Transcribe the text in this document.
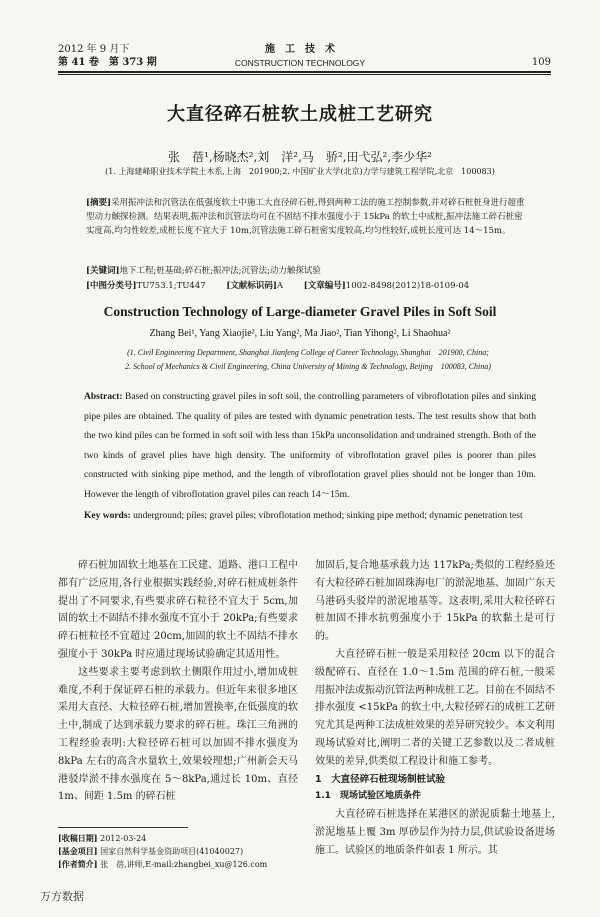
2012 年 9 月下
第 41 卷　第 373 期
施　工　技　术
CONSTRUCTION TECHNOLOGY	109
大直径碎石桩软土成桩工艺研究
张　蓓¹,杨晓杰²,刘　洋²,马　骄²,田弋弘²,李少华²
(1. 上海建峰职业技术学院土木系,上海　201900;2. 中国矿业大学(北京)力学与建筑工程学院,北京　100083)
[摘要]采用振冲法和沉管法在低强度软土中施工大直径碎石桩,得到两种工法的施工控制参数,并对碎石桩桩身进行超重型动力触探检测。结果表明,振冲法和沉管法均可在不固结不排水强度小于 15kPa 的软土中成桩,振冲法施工碎石桩密实度高,均匀性较差,成桩长度不宜大于 10m,沉管法施工碎石桩密实度较高,均匀性较好,成桩长度可达 14～15m。
[关键词]地下工程;桩基础;碎石桩;振冲法;沉管法;动力触探试验
[中图分类号]TU753.1;TU447 [文献标识码]A [文章编号]1002-8498(2012)18-0109-04
Construction Technology of Large-diameter Gravel Piles in Soft Soil
Zhang Bei¹, Yang Xiaojie², Liu Yang², Ma Jiao², Tian Yihong², Li Shaohua²
(1. Civil Engineering Department, Shanghai Jianfeng College of Career Technology, Shanghai　201900, China;
2. School of Mechanics & Civil Engineering, China University of Mining & Technology, Beijing　100083, China)
Abstract: Based on constructing gravel piles in soft soil, the controlling parameters of vibroflotation piles and sinking pipe piles are obtained. The quality of piles are tested with dynamic penetration tests. The test results show that both the two kind piles can be formed in soft soil with less than 15kPa unconsolidation and undrained strength. Both of the two kinds of gravel plies have high density. The uniformity of vibroflotation gravel piles is poorer than piles constructed with sinking pipe method, and the length of vibroflotation gravel plies should not be longer than 10m. However the length of vibroflotation gravel piles can reach 14～15m.
Key words: underground; piles; gravel piles; vibroflotation method; sinking pipe method; dynamic penetration test

碎石桩加固软土地基在工民建、道路、港口工程中都有广泛应用,各行业根据实践经验,对碎石桩成桩条件提出了不同要求,有些要求碎石粒径不宜大于 5cm,加固的软土不固结不排水强度不宜小于 20kPa;有些要求碎石桩粒径不宜超过 20cm,加固的软土不固结不排水强度小于 30kPa 时应通过现场试验确定其适用性。

这些要求主要考虑到软土侧限作用过小,增加成桩难度,不利于保证碎石桩的承载力。但近年来很多地区采用大直径、大粒径碎石桩,增加置换率,在低强度的软土中,制成了达到承载力要求的碎石桩。珠江三角洲的工程经验表明:大粒径碎石桩可以加固不排水强度为 8kPa 左右的高含水量软土,效果较理想;广州新会天马港驳岸淤不排水强度在 5～8kPa,通过长 10m、直径 1m、间距 1.5m 的碎石桩

[收稿日期] 2012-03-24
[基金项目] 国家自然科学基金资助项目(41040027)
[作者简介] 张　蓓,讲师,E-mail:zhangbei_xu@126.com

加固后,复合地基承载力达 117kPa;类似的工程经验还有大粒径碎石桩加固珠海电厂的淤泥地基、加固广东天马港码头驳岸的淤泥地基等。这表明,采用大粒径碎石桩加固不排水抗剪强度小于 15kPa 的软黏土是可行的。

大直径碎石桩一般是采用粒径 20cm 以下的混合级配碎石、直径在 1.0～1.5m 范围的碎石桩,一般采用振冲法或振动沉管法两种成桩工艺。目前在不固结不排水强度 <15kPa 的软土中,大粒径碎石的成桩工艺研究尤其是两种工法成桩效果的差异研究较少。本文利用现场试验对比,阐明二者的关键工艺参数以及二者成桩效果的差异,供类似工程设计和施工参考。

1　大直径碎石桩现场制桩试验
1.1　现场试验区地质条件

大直径碎石桩选择在某港区的淤泥质黏土地基上,淤泥地基上覆 3m 厚砂层作为持力层,供试验设备进场施工。试验区的地质条件如表 1 所示。其

万方数据
